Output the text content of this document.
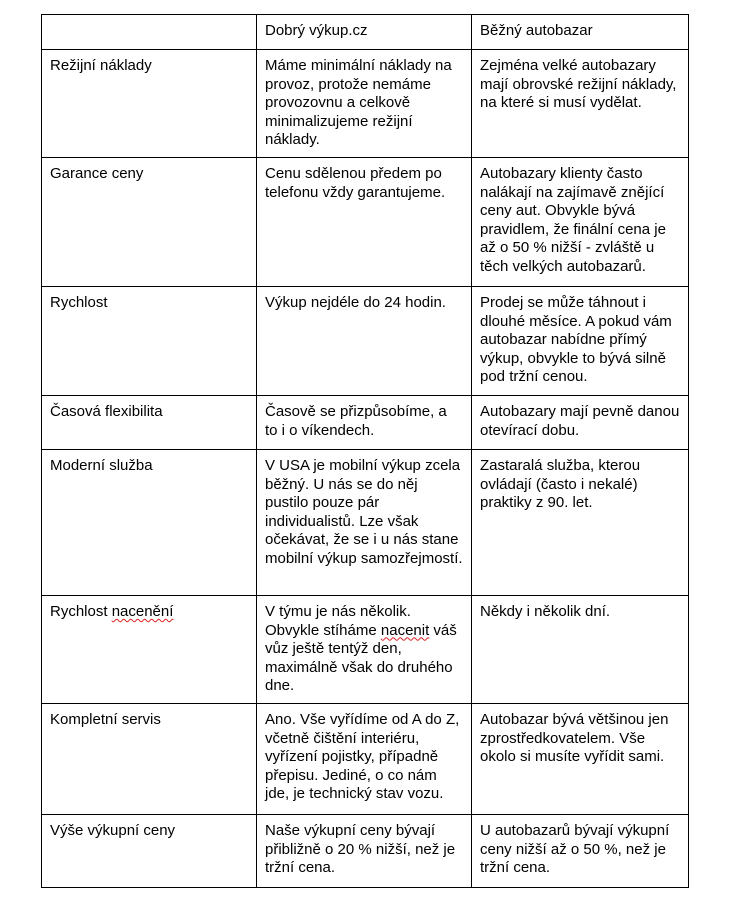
	Dobrý výkup.cz	Běžný autobazar
Režijní náklady	Máme minimální náklady na provoz, protože nemáme provozovnu a celkově minimalizujeme režijní náklady.	Zejména velké autobazary mají obrovské režijní náklady, na které si musí vydělat.
Garance ceny	Cenu sdělenou předem po telefonu vždy garantujeme.	Autobazary klienty často nalákají na zajímavě znějící ceny aut. Obvykle bývá pravidlem, že finální cena je až o 50 % nižší - zvláště u těch velkých autobazarů.
Rychlost	Výkup nejdéle do 24 hodin.	Prodej se může táhnout i dlouhé měsíce. A pokud vám autobazar nabídne přímý výkup, obvykle to bývá silně pod tržní cenou.
Časová flexibilita	Časově se přizpůsobíme, a to i o víkendech.	Autobazary mají pevně danou otevírací dobu.
Moderní služba	V USA je mobilní výkup zcela běžný. U nás se do něj pustilo pouze pár individualistů. Lze však očekávat, že se i u nás stane mobilní výkup samozřejmostí.	Zastaralá služba, kterou ovládají (často i nekalé) praktiky z 90. let.
Rychlost nacenění	V týmu je nás několik. Obvykle stíháme nacenit váš vůz ještě tentýž den, maximálně však do druhého dne.	Někdy i několik dní.
Kompletní servis	Ano. Vše vyřídíme od A do Z, včetně čištění interiéru, vyřízení pojistky, případně přepisu. Jediné, o co nám jde, je technický stav vozu.	Autobazar bývá většinou jen zprostředkovatelem. Vše okolo si musíte vyřídit sami.
Výše výkupní ceny	Naše výkupní ceny bývají přibližně o 20 % nižší, než je tržní cena.	U autobazarů bývají výkupní ceny nižší až o 50 %, než je tržní cena.
